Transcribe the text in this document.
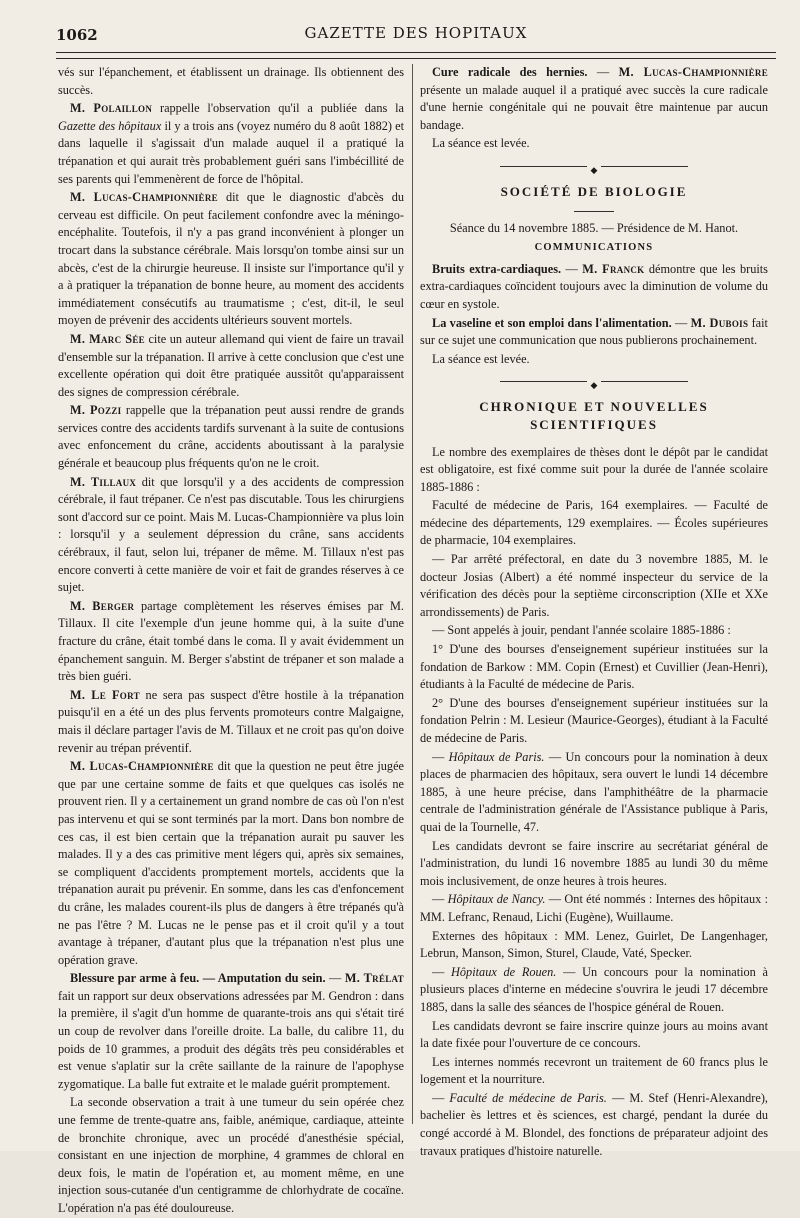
1062	GAZETTE DES HOPITAUX

vés sur l'épanchement, et établissent un drainage. Ils obtiennent des succès.

M. Polaillon rappelle l'observation qu'il a publiée dans la Gazette des hôpitaux il y a trois ans (voyez numéro du 8 août 1882) et dans laquelle il s'agissait d'un malade auquel il a pratiqué la trépanation et qui aurait très probablement guéri sans l'imbécillité de ses parents qui l'emmenèrent de force de l'hôpital.

M. Lucas-Championnière dit que le diagnostic d'abcès du cerveau est difficile. On peut facilement confondre avec la méningo-encéphalite. Toutefois, il n'y a pas grand inconvénient à plonger un trocart dans la substance cérébrale. Mais lorsqu'on tombe ainsi sur un abcès, c'est de la chirurgie heureuse. Il insiste sur l'importance qu'il y a à pratiquer la trépanation de bonne heure, au moment des accidents immédiatement consécutifs au traumatisme ; c'est, dit-il, le seul moyen de prévenir des accidents ultérieurs souvent mortels.

M. Marc Sée cite un auteur allemand qui vient de faire un travail d'ensemble sur la trépanation. Il arrive à cette conclusion que c'est une excellente opération qui doit être pratiquée aussitôt qu'apparaissent des signes de compression cérébrale.

M. Pozzi rappelle que la trépanation peut aussi rendre de grands services contre des accidents tardifs survenant à la suite de contusions avec enfoncement du crâne, accidents aboutissant à la paralysie générale et beaucoup plus fréquents qu'on ne le croit.

M. Tillaux dit que lorsqu'il y a des accidents de compression cérébrale, il faut trépaner. Ce n'est pas discutable. Tous les chirurgiens sont d'accord sur ce point. Mais M. Lucas-Championnière va plus loin : lorsqu'il y a seulement dépression du crâne, sans accidents cérébraux, il faut, selon lui, trépaner de même. M. Tillaux n'est pas encore converti à cette manière de voir et fait de grandes réserves à ce sujet.

M. Berger partage complètement les réserves émises par M. Tillaux. Il cite l'exemple d'un jeune homme qui, à la suite d'une fracture du crâne, était tombé dans le coma. Il y avait évidemment un épanchement sanguin. M. Berger s'abstint de trépaner et son malade a très bien guéri.

M. Le Fort ne sera pas suspect d'être hostile à la trépanation puisqu'il en a été un des plus fervents promoteurs contre Malgaigne, mais il déclare partager l'avis de M. Tillaux et ne croit pas qu'on doive revenir au trépan préventif.

M. Lucas-Championnière dit que la question ne peut être jugée que par une certaine somme de faits et que quelques cas isolés ne prouvent rien. Il y a certainement un grand nombre de cas où l'on n'est pas intervenu et qui se sont terminés par la mort. Dans bon nombre de ces cas, il est bien certain que la trépanation aurait pu sauver les malades. Il y a des cas primitive ment légers qui, après six semaines, se compliquent d'accidents promptement mortels, accidents que la trépanation aurait pu prévenir. En somme, dans les cas d'enfoncement du crâne, les malades courent-ils plus de dangers à être trépanés qu'à ne pas l'être ? M. Lucas ne le pense pas et il croit qu'il y a tout avantage à trépaner, d'autant plus que la trépanation n'est plus une opération grave.

Blessure par arme à feu. — Amputation du sein. — M. Trélat fait un rapport sur deux observations adressées par M. Gendron : dans la première, il s'agit d'un homme de quarante-trois ans qui s'était tiré un coup de revolver dans l'oreille droite. La balle, du calibre 11, du poids de 10 grammes, a produit des dégâts très peu considérables et est venue s'aplatir sur la crête saillante de la rainure de l'apophyse zygomatique. La balle fut extraite et le malade guérit promptement.

La seconde observation a trait à une tumeur du sein opérée chez une femme de trente-quatre ans, faible, anémique, cardiaque, atteinte de bronchite chronique, avec un procédé d'anesthésie spécial, consistant en une injection de morphine, 4 grammes de chloral en deux fois, le matin de l'opération et, au moment même, en une injection sous-cutanée d'un centigramme de chlorhydrate de cocaïne. L'opération n'a pas été douloureuse.

Cure radicale des hernies. — M. Lucas-Championnière présente un malade auquel il a pratiqué avec succès la cure radicale d'une hernie congénitale qui ne pouvait être maintenue par aucun bandage.

La séance est levée.

◆
SOCIÉTÉ DE BIOLOGIE

Séance du 14 novembre 1885. — Présidence de M. Hanot.

COMMUNICATIONS

Bruits extra-cardiaques. — M. Franck démontre que les bruits extra-cardiaques coïncident toujours avec la diminution de volume du cœur en systole.

La vaseline et son emploi dans l'alimentation. — M. Dubois fait sur ce sujet une communication que nous publierons prochainement.

La séance est levée.

◆
CHRONIQUE ET NOUVELLES SCIENTIFIQUES

Le nombre des exemplaires de thèses dont le dépôt par le candidat est obligatoire, est fixé comme suit pour la durée de l'année scolaire 1885-1886 :

Faculté de médecine de Paris, 164 exemplaires. — Faculté de médecine des départements, 129 exemplaires. — Écoles supérieures de pharmacie, 104 exemplaires.

— Par arrêté préfectoral, en date du 3 novembre 1885, M. le docteur Josias (Albert) a été nommé inspecteur du service de la vérification des décès pour la septième circonscription (XIIe et XXe arrondissements) de Paris.

— Sont appelés à jouir, pendant l'année scolaire 1885-1886 :

1° D'une des bourses d'enseignement supérieur instituées sur la fondation de Barkow : MM. Copin (Ernest) et Cuvillier (Jean-Henri), étudiants à la Faculté de médecine de Paris.

2° D'une des bourses d'enseignement supérieur instituées sur la fondation Pelrin : M. Lesieur (Maurice-Georges), étudiant à la Faculté de médecine de Paris.

— Hôpitaux de Paris. — Un concours pour la nomination à deux places de pharmacien des hôpitaux, sera ouvert le lundi 14 décembre 1885, à une heure précise, dans l'amphithéâtre de la pharmacie centrale de l'administration générale de l'Assistance publique à Paris, quai de la Tournelle, 47.

Les candidats devront se faire inscrire au secrétariat général de l'administration, du lundi 16 novembre 1885 au lundi 30 du même mois inclusivement, de onze heures à trois heures.

— Hôpitaux de Nancy. — Ont été nommés : Internes des hôpitaux : MM. Lefranc, Renaud, Lichi (Eugène), Wuillaume.

Externes des hôpitaux : MM. Lenez, Guirlet, De Langenhager, Lebrun, Manson, Simon, Sturel, Claude, Vaté, Specker.

— Hôpitaux de Rouen. — Un concours pour la nomination à plusieurs places d'interne en médecine s'ouvrira le jeudi 17 décembre 1885, dans la salle des séances de l'hospice général de Rouen.

Les candidats devront se faire inscrire quinze jours au moins avant la date fixée pour l'ouverture de ce concours.

Les internes nommés recevront un traitement de 60 francs plus le logement et la nourriture.

— Faculté de médecine de Paris. — M. Stef (Henri-Alexandre), bachelier ès lettres et ès sciences, est chargé, pendant la durée du congé accordé à M. Blondel, des fonctions de préparateur adjoint des travaux pratiques d'histoire naturelle.
